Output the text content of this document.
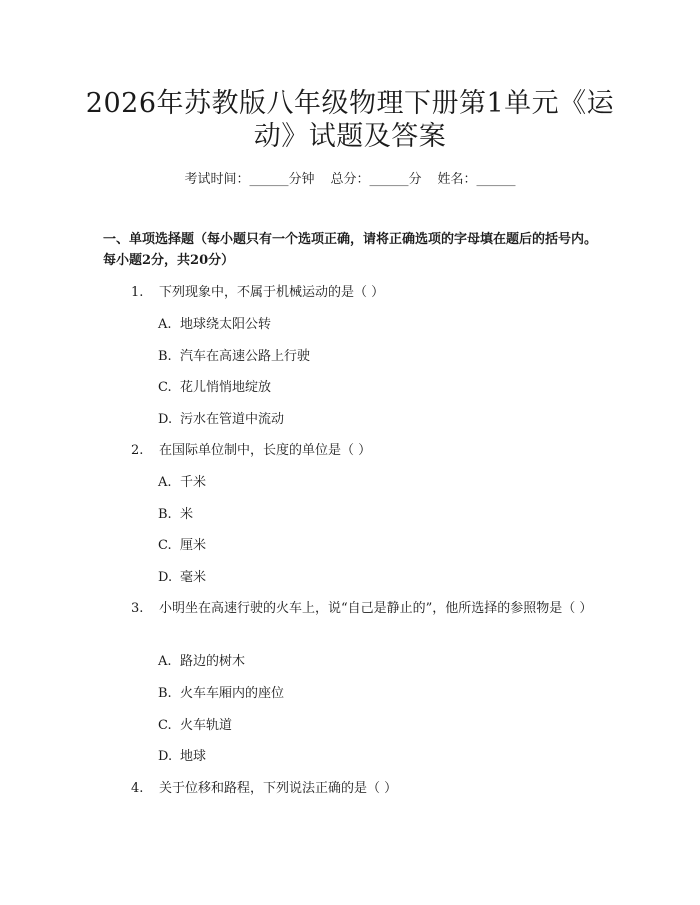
2026年苏教版八年级物理下册第1单元《运
动》试题及答案
考试时间：______分钟 总分：______分 姓名：______
一、单项选择题（每小题只有一个选项正确，请将正确选项的字母填在题后的括号内。每小题2分，共20分）
1. 下列现象中，不属于机械运动的是（ ）
A. 地球绕太阳公转
B. 汽车在高速公路上行驶
C. 花儿悄悄地绽放
D. 污水在管道中流动
2. 在国际单位制中，长度的单位是（ ）
A. 千米
B. 米
C. 厘米
D. 毫米
3.	小明坐在高速行驶的火车上，说“自己是静止的”，他所选择的参照物是（ ）
A. 路边的树木
B. 火车车厢内的座位
C. 火车轨道
D. 地球
4. 关于位移和路程，下列说法正确的是（ ）
